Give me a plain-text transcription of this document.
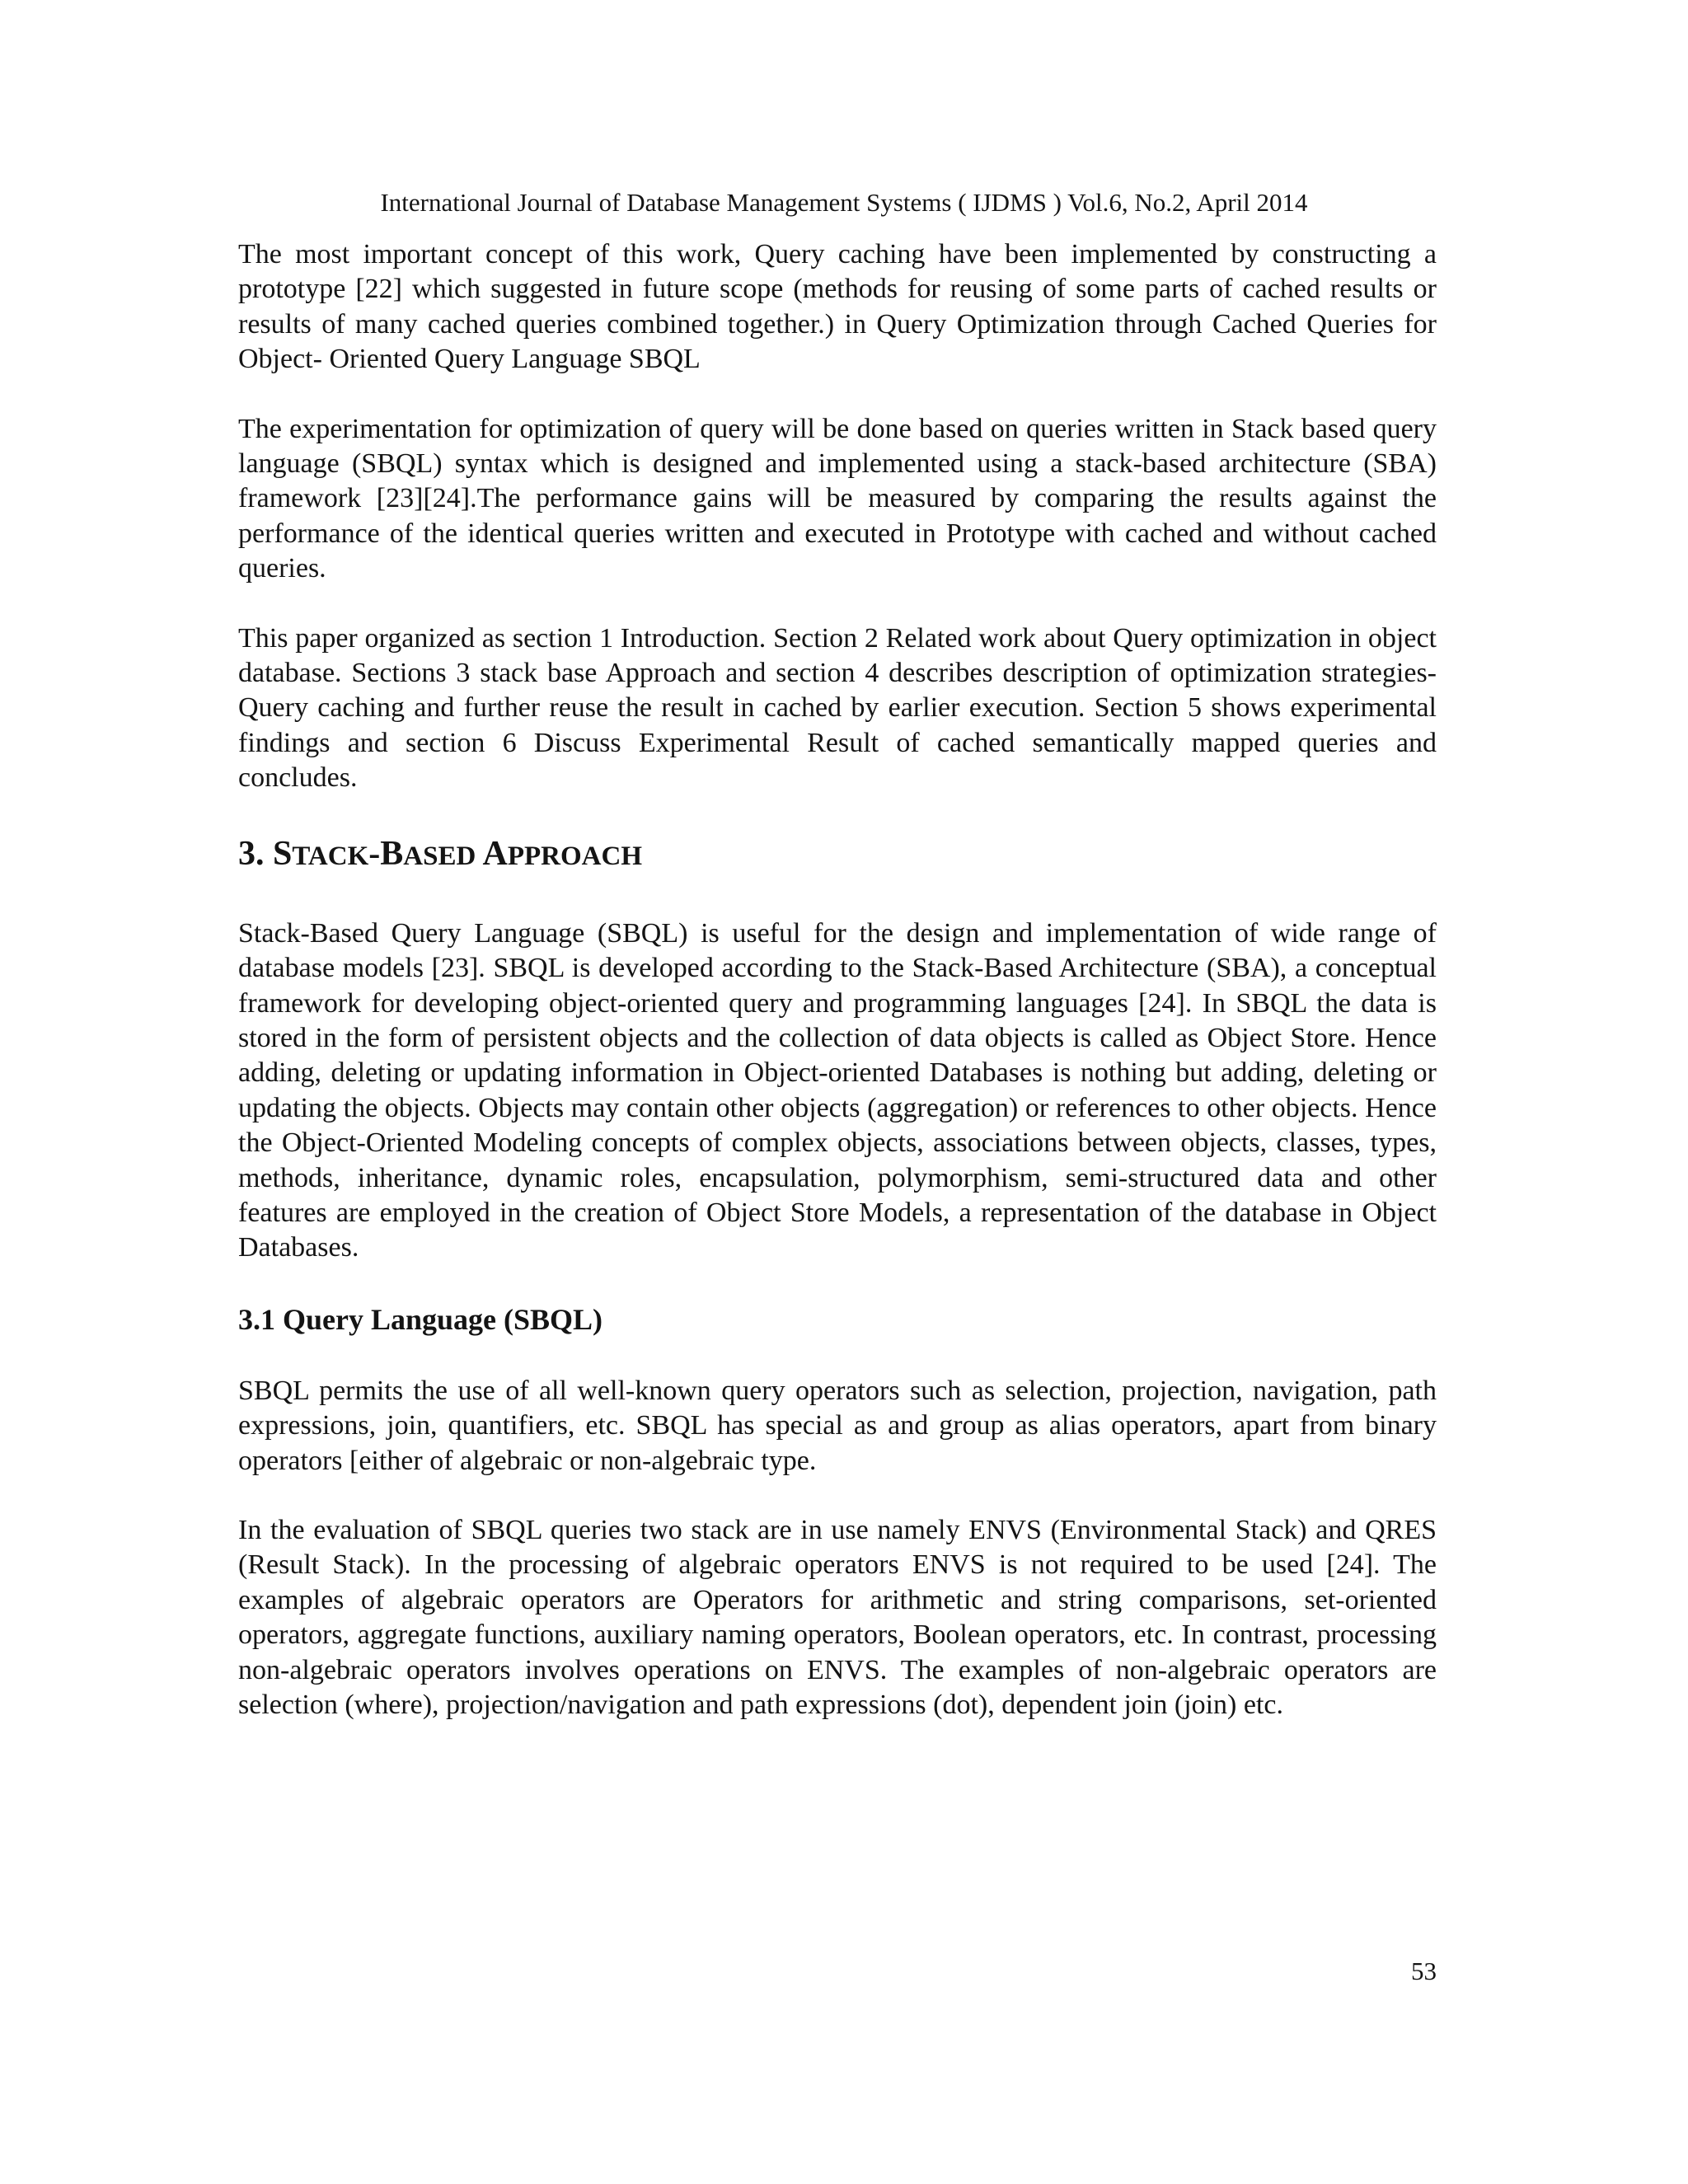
International Journal of Database Management Systems ( IJDMS ) Vol.6, No.2, April 2014

The most important concept of this work, Query caching have been implemented by constructing a prototype [22] which suggested in future scope (methods for reusing of some parts of cached results or results of many cached queries combined together.) in Query Optimization through Cached Queries for Object- Oriented Query Language SBQL

The experimentation for optimization of query will be done based on queries written in Stack based query language (SBQL) syntax which is designed and implemented using a stack-based architecture (SBA) framework [23][24].The performance gains will be measured by comparing the results against the performance of the identical queries written and executed in Prototype with cached and without cached queries.

This paper organized as section 1 Introduction. Section 2 Related work about Query optimization in object database. Sections 3 stack base Approach and section 4 describes description of optimization strategies-Query caching and further reuse the result in cached by earlier execution. Section 5 shows experimental findings and section 6 Discuss Experimental Result of cached semantically mapped queries and concludes.

3. STACK-BASED APPROACH

Stack-Based Query Language (SBQL) is useful for the design and implementation of wide range of database models [23]. SBQL is developed according to the Stack-Based Architecture (SBA), a conceptual framework for developing object-oriented query and programming languages [24]. In SBQL the data is stored in the form of persistent objects and the collection of data objects is called as Object Store. Hence adding, deleting or updating information in Object-oriented Databases is nothing but adding, deleting or updating the objects. Objects may contain other objects (aggregation) or references to other objects. Hence the Object-Oriented Modeling concepts of complex objects, associations between objects, classes, types, methods, inheritance, dynamic roles, encapsulation, polymorphism, semi-structured data and other features are employed in the creation of Object Store Models, a representation of the database in Object Databases.

3.1 Query Language (SBQL)

SBQL permits the use of all well-known query operators such as selection, projection, navigation, path expressions, join, quantifiers, etc. SBQL has special as and group as alias operators, apart from binary operators [either of algebraic or non-algebraic type.

In the evaluation of SBQL queries two stack are in use namely ENVS (Environmental Stack) and QRES (Result Stack). In the processing of algebraic operators ENVS is not required to be used [24]. The examples of algebraic operators are Operators for arithmetic and string comparisons, set-oriented operators, aggregate functions, auxiliary naming operators, Boolean operators, etc. In contrast, processing non-algebraic operators involves operations on ENVS. The examples of non-algebraic operators are selection (where), projection/navigation and path expressions (dot), dependent join (join) etc.

53
